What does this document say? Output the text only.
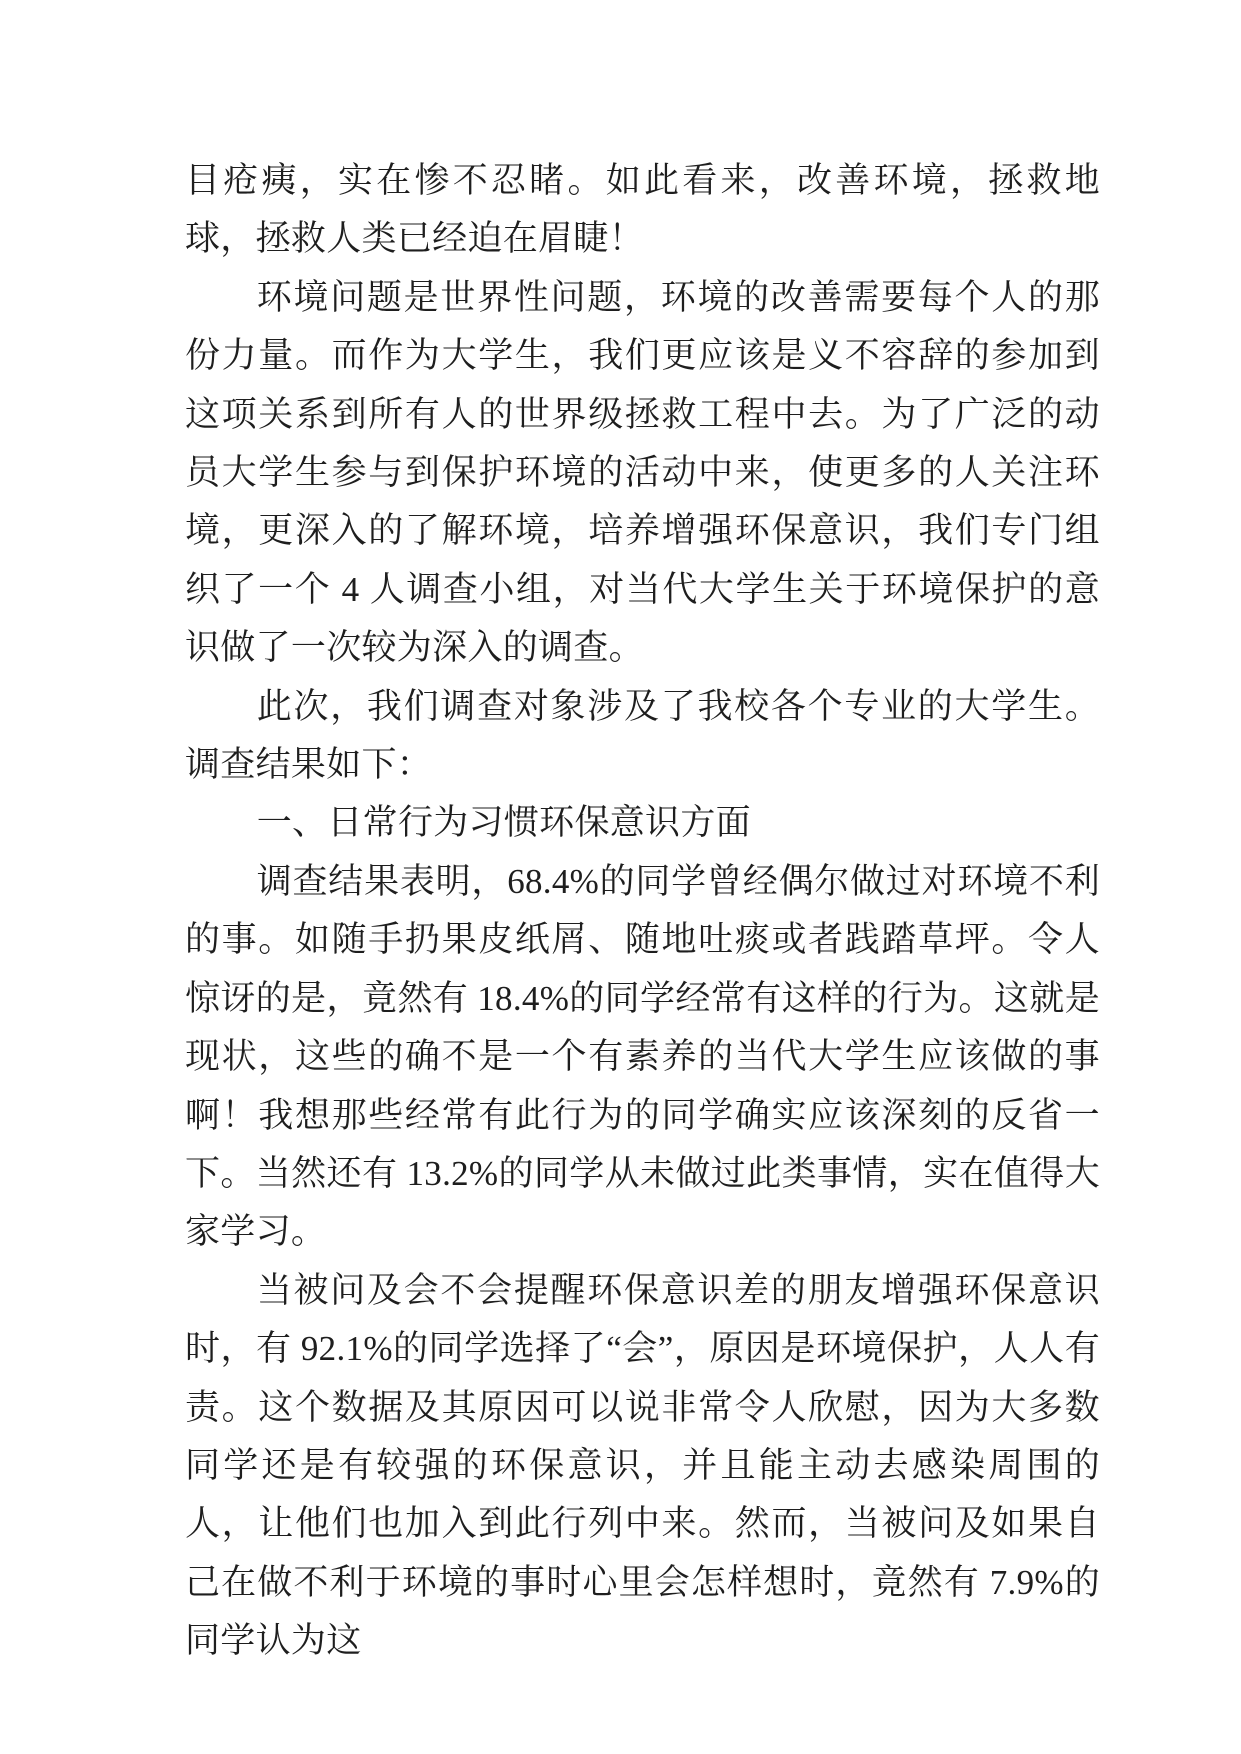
目疮痍，实在惨不忍睹。如此看来，改善环境，拯救地球，拯救人类已经迫在眉睫！

环境问题是世界性问题，环境的改善需要每个人的那份力量。而作为大学生，我们更应该是义不容辞的参加到这项关系到所有人的世界级拯救工程中去。为了广泛的动员大学生参与到保护环境的活动中来，使更多的人关注环境，更深入的了解环境，培养增强环保意识，我们专门组织了一个 4 人调查小组，对当代大学生关于环境保护的意识做了一次较为深入的调查。

此次，我们调查对象涉及了我校各个专业的大学生。调查结果如下：

一、日常行为习惯环保意识方面

调查结果表明，68.4%的同学曾经偶尔做过对环境不利的事。如随手扔果皮纸屑、随地吐痰或者践踏草坪。令人惊讶的是，竟然有 18.4%的同学经常有这样的行为。这就是现状，这些的确不是一个有素养的当代大学生应该做的事啊！我想那些经常有此行为的同学确实应该深刻的反省一下。当然还有 13.2%的同学从未做过此类事情，实在值得大家学习。

当被问及会不会提醒环保意识差的朋友增强环保意识时，有 92.1%的同学选择了“会”，原因是环境保护，人人有责。这个数据及其原因可以说非常令人欣慰，因为大多数同学还是有较强的环保意识，并且能主动去感染周围的人，让他们也加入到此行列中来。然而，当被问及如果自己在做不利于环境的事时心里会怎样想时，竟然有 7.9%的同学认为这
